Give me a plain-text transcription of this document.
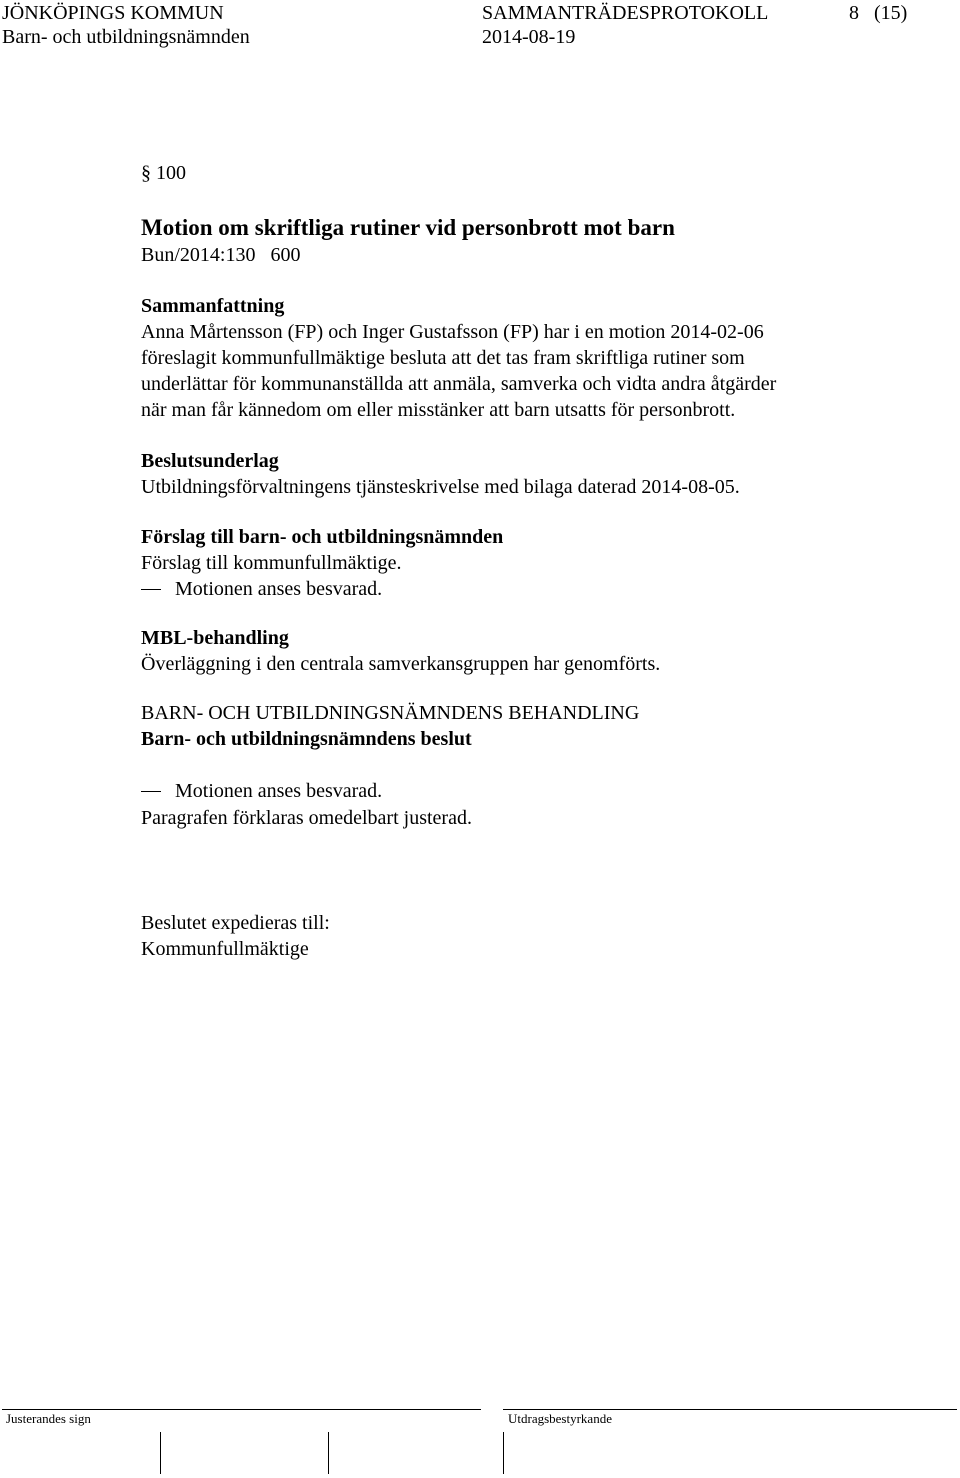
JÖNKÖPINGS KOMMUN
Barn- och utbildningsnämnden
SAMMANTRÄDESPROTOKOLL
2014-08-19
8 (15)
§ 100
Motion om skriftliga rutiner vid personbrott mot barn
Bun/2014:130   600
Sammanfattning
Anna Mårtensson (FP) och Inger Gustafsson (FP) har i en motion 2014-02-06
föreslagit kommunfullmäktige besluta att det tas fram skriftliga rutiner som
underlättar för kommunanställda att anmäla, samverka och vidta andra åtgärder
när man får kännedom om eller misstänker att barn utsatts för personbrott.
Beslutsunderlag
Utbildningsförvaltningens tjänsteskrivelse med bilaga daterad 2014-08-05.
Förslag till barn- och utbildningsnämnden
Förslag till kommunfullmäktige.
Motionen anses besvarad.
MBL-behandling
Överläggning i den centrala samverkansgruppen har genomförts.
BARN- OCH UTBILDNINGSNÄMNDENS BEHANDLING
Barn- och utbildningsnämndens beslut
Motionen anses besvarad.
Paragrafen förklaras omedelbart justerad.
Beslutet expedieras till:
Kommunfullmäktige
Justerandes sign	Utdragsbestyrkande
